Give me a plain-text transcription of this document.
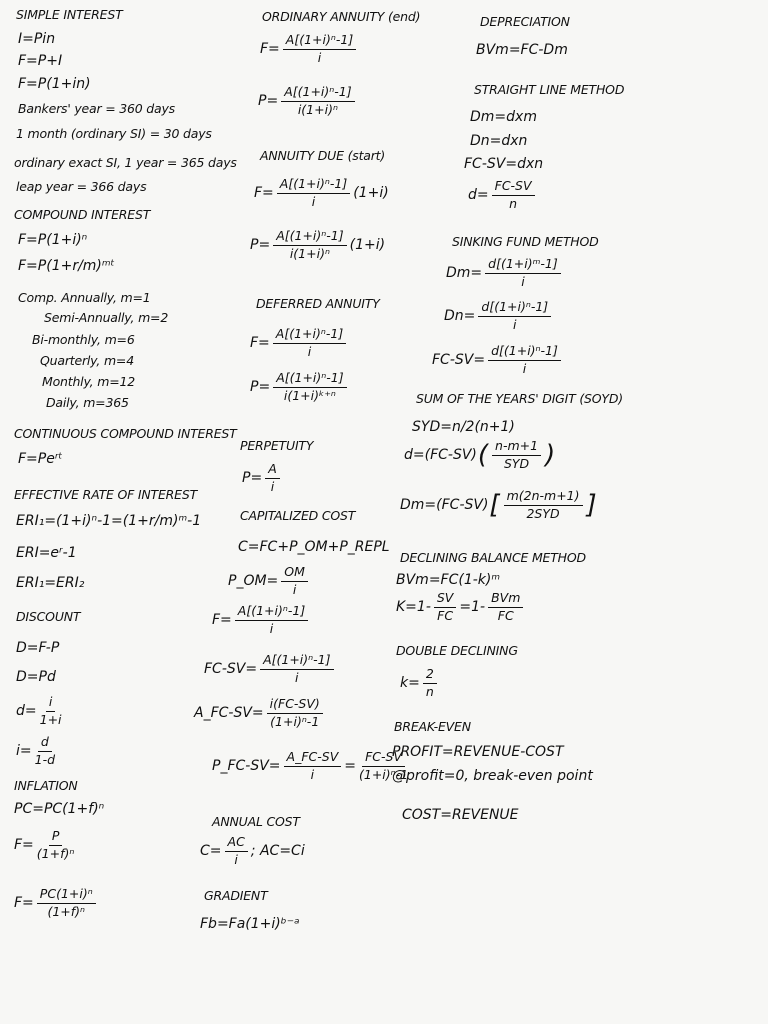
SIMPLE INTEREST
I=Pin
F=P+I
F=P(1+in)
Bankers' year = 360 days
1 month (ordinary SI) = 30 days
ordinary exact SI, 1 year = 365 days
leap year = 366 days
COMPOUND INTEREST
F=P(1+i)ⁿ
F=P(1+r/m)ᵐᵗ
Comp. Annually, m=1
Semi-Annually, m=2
Bi-monthly, m=6
Quarterly, m=4
Monthly, m=12
Daily, m=365
CONTINUOUS COMPOUND INTEREST
F=Peʳᵗ
EFFECTIVE RATE OF INTEREST
ERI₁=(1+i)ⁿ-1=(1+r/m)ᵐ-1
ERI=eʳ-1
ERI₁=ERI₂
DISCOUNT
D=F-P
D=Pd
$d= \frac{i}{1+i}$
$i= \frac{d}{1-d}$
INFLATION
PC=PC(1+f)ⁿ
$F= \frac{P}{\text{(1+f)ⁿ}}$
$F= \frac{\text{PC(1+i)ⁿ}}{\text{(1+f)ⁿ}}$
ORDINARY ANNUITY (end)
$F= \frac{\text{A[(1+i)ⁿ-1]}}{i}$
$P= \frac{\text{A[(1+i)ⁿ-1]}}{\text{i(1+i)ⁿ}}$
ANNUITY DUE (start)
$F= \frac{\text{A[(1+i)ⁿ-1]}}{i} (1+i)$
$P= \frac{\text{A[(1+i)ⁿ-1]}}{\text{i(1+i)ⁿ}} (1+i)$
DEFERRED ANNUITY
$F= \frac{\text{A[(1+i)ⁿ-1]}}{i}$
$P= \frac{\text{A[(1+i)ⁿ-1]}}{\text{i(1+i)ᵏ⁺ⁿ}}$
PERPETUITY
$P= \frac{A}{i}$
CAPITALIZED COST
C=FC+P_OM+P_REPL
P_OM= $\frac{OM}{i}$
$F= \frac{\text{A[(1+i)ⁿ-1]}}{i}$
$FC-SV= \frac{\text{A[(1+i)ⁿ-1]}}{i}$
A_FC-SV= $\frac{i(FC-SV)}{\text{(1+i)ⁿ-1}}$
P_FC-SV= $\frac{A\_FC-SV}{i} = \frac{FC-SV}{\text{(1+i)ⁿ-1}}$
ANNUAL COST
$C= \frac{AC}{i}$ ; AC=Ci
GRADIENT
Fb=Fa(1+i)ᵇ⁻ᵃ
DEPRECIATION
BVm=FC-Dm
STRAIGHT LINE METHOD
Dm=dxm
Dn=dxn
FC-SV=dxn
$d= \frac{FC-SV}{n}$
SINKING FUND METHOD
$Dm= \frac{\text{d[(1+i)ᵐ-1]}}{i}$
$Dn= \frac{\text{d[(1+i)ⁿ-1]}}{i}$
$FC-SV= \frac{\text{d[(1+i)ⁿ-1]}}{i}$
SUM OF THE YEARS' DIGIT (SOYD)
SYD=n/2(n+1)
d=(FC-SV) ( $\frac{n-m+1}{\text{SYD}}$ )
Dm=(FC-SV) [ $\frac{m(2n-m+1)}{\text{2SYD}}$ ]
DECLINING BALANCE METHOD
BVm=FC(1-k)ᵐ
$K=1- \frac{SV}{FC} =1- \frac{\text{BVm}}{FC}$
DOUBLE DECLINING
$k= \frac{2}{n}$
BREAK-EVEN
PROFIT=REVENUE-COST
@profit=0, break-even point
COST=REVENUE
